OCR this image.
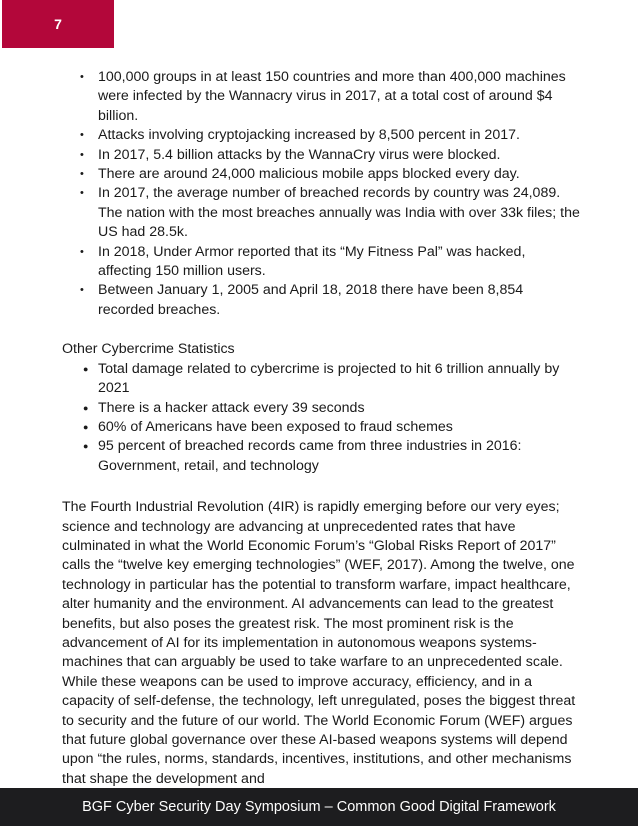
7
• 100,000 groups in at least 150 countries and more than 400,000 machines were infected by the Wannacry virus in 2017, at a total cost of around $4 billion.
• Attacks involving cryptojacking increased by 8,500 percent in 2017.
• In 2017, 5.4 billion attacks by the WannaCry virus were blocked.
• There are around 24,000 malicious mobile apps blocked every day.
• In 2017, the average number of breached records by country was 24,089. The nation with the most breaches annually was India with over 33k files; the US had 28.5k.
• In 2018, Under Armor reported that its “My Fitness Pal” was hacked, affecting 150 million users.
• Between January 1, 2005 and April 18, 2018 there have been 8,854 recorded breaches.
Other Cybercrime Statistics
● Total damage related to cybercrime is projected to hit 6 trillion annually by 2021
● There is a hacker attack every 39 seconds
● 60% of Americans have been exposed to fraud schemes
● 95 percent of breached records came from three industries in 2016: Government, retail, and technology

The Fourth Industrial Revolution (4IR) is rapidly emerging before our very eyes; science and technology are advancing at unprecedented rates that have culminated in what the World Economic Forum’s “Global Risks Report of 2017” calls the “twelve key emerging technologies” (WEF, 2017). Among the twelve, one technology in particular has the potential to transform warfare, impact healthcare, alter humanity and the environment. AI advancements can lead to the greatest benefits, but also poses the greatest risk. The most prominent risk is the advancement of AI for its implementation in autonomous weapons systems- machines that can arguably be used to take warfare to an unprecedented scale. While these weapons can be used to improve accuracy, efficiency, and in a capacity of self-defense, the technology, left unregulated, poses the biggest threat to security and the future of our world. The World Economic Forum (WEF) argues that future global governance over these AI-based weapons systems will depend upon “the rules, norms, standards, incentives, institutions, and other mechanisms that shape the development and

BGF Cyber Security Day Symposium – Common Good Digital Framework
